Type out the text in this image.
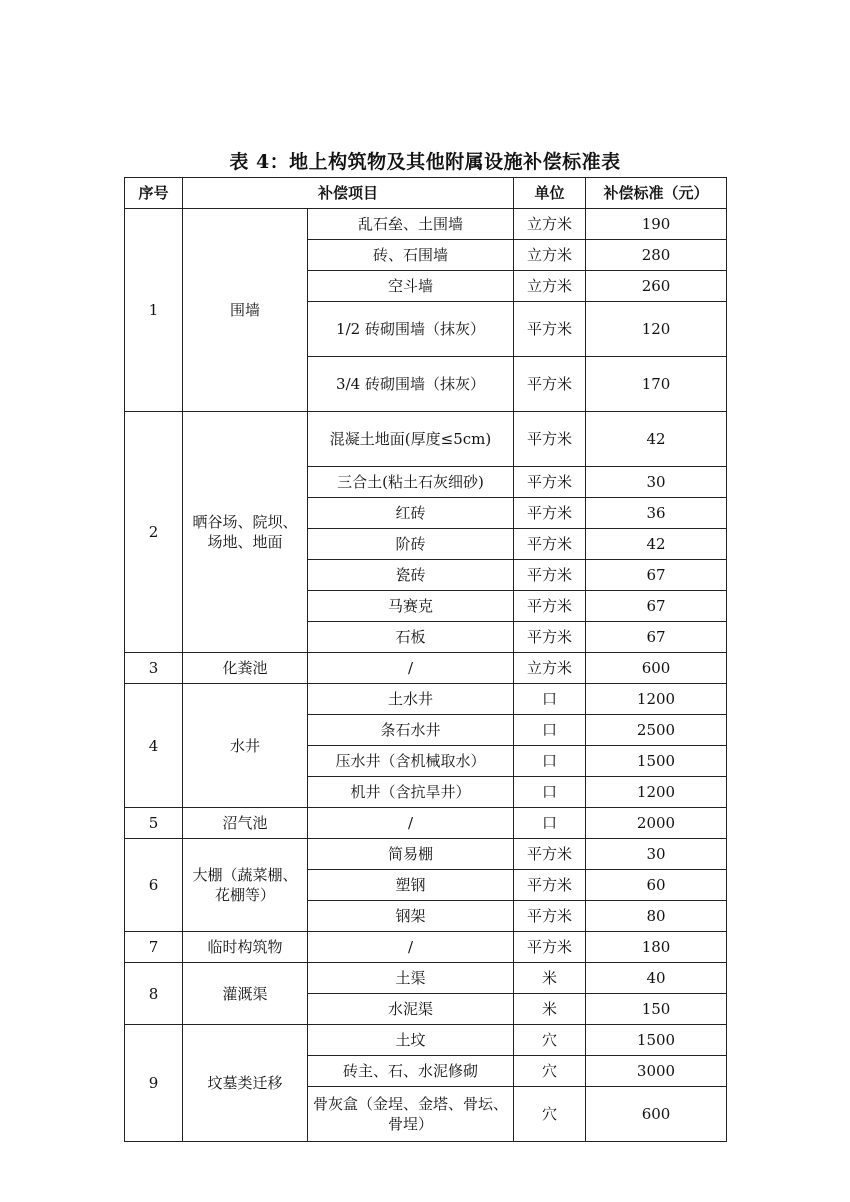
表 4：地上构筑物及其他附属设施补偿标准表
序号	补偿项目		单位	补偿标准（元）
1	围墙	乱石垒、土围墙	立方米	190
		砖、石围墙	立方米	280
		空斗墙	立方米	260
		1/2 砖砌围墙（抹灰）	平方米	120
		3/4 砖砌围墙（抹灰）	平方米	170
2	晒谷场、院坝、场地、地面	混凝土地面(厚度≤5cm)	平方米	42
		三合土(粘土石灰细砂)	平方米	30
		红砖	平方米	36
		阶砖	平方米	42
		瓷砖	平方米	67
		马赛克	平方米	67
		石板	平方米	67
3	化粪池	/	立方米	600
4	水井	土水井	口	1200
		条石水井	口	2500
		压水井（含机械取水）	口	1500
		机井（含抗旱井）	口	1200
5	沼气池	/	口	2000
6	大棚（蔬菜棚、花棚等）	简易棚	平方米	30
		塑钢	平方米	60
		钢架	平方米	80
7	临时构筑物	/	平方米	180
8	灌溉渠	土渠	米	40
		水泥渠	米	150
9	坟墓类迁移	土坟	穴	1500
		砖主、石、水泥修砌	穴	3000
		骨灰盒（金埕、金塔、骨坛、骨埕）	穴	600
